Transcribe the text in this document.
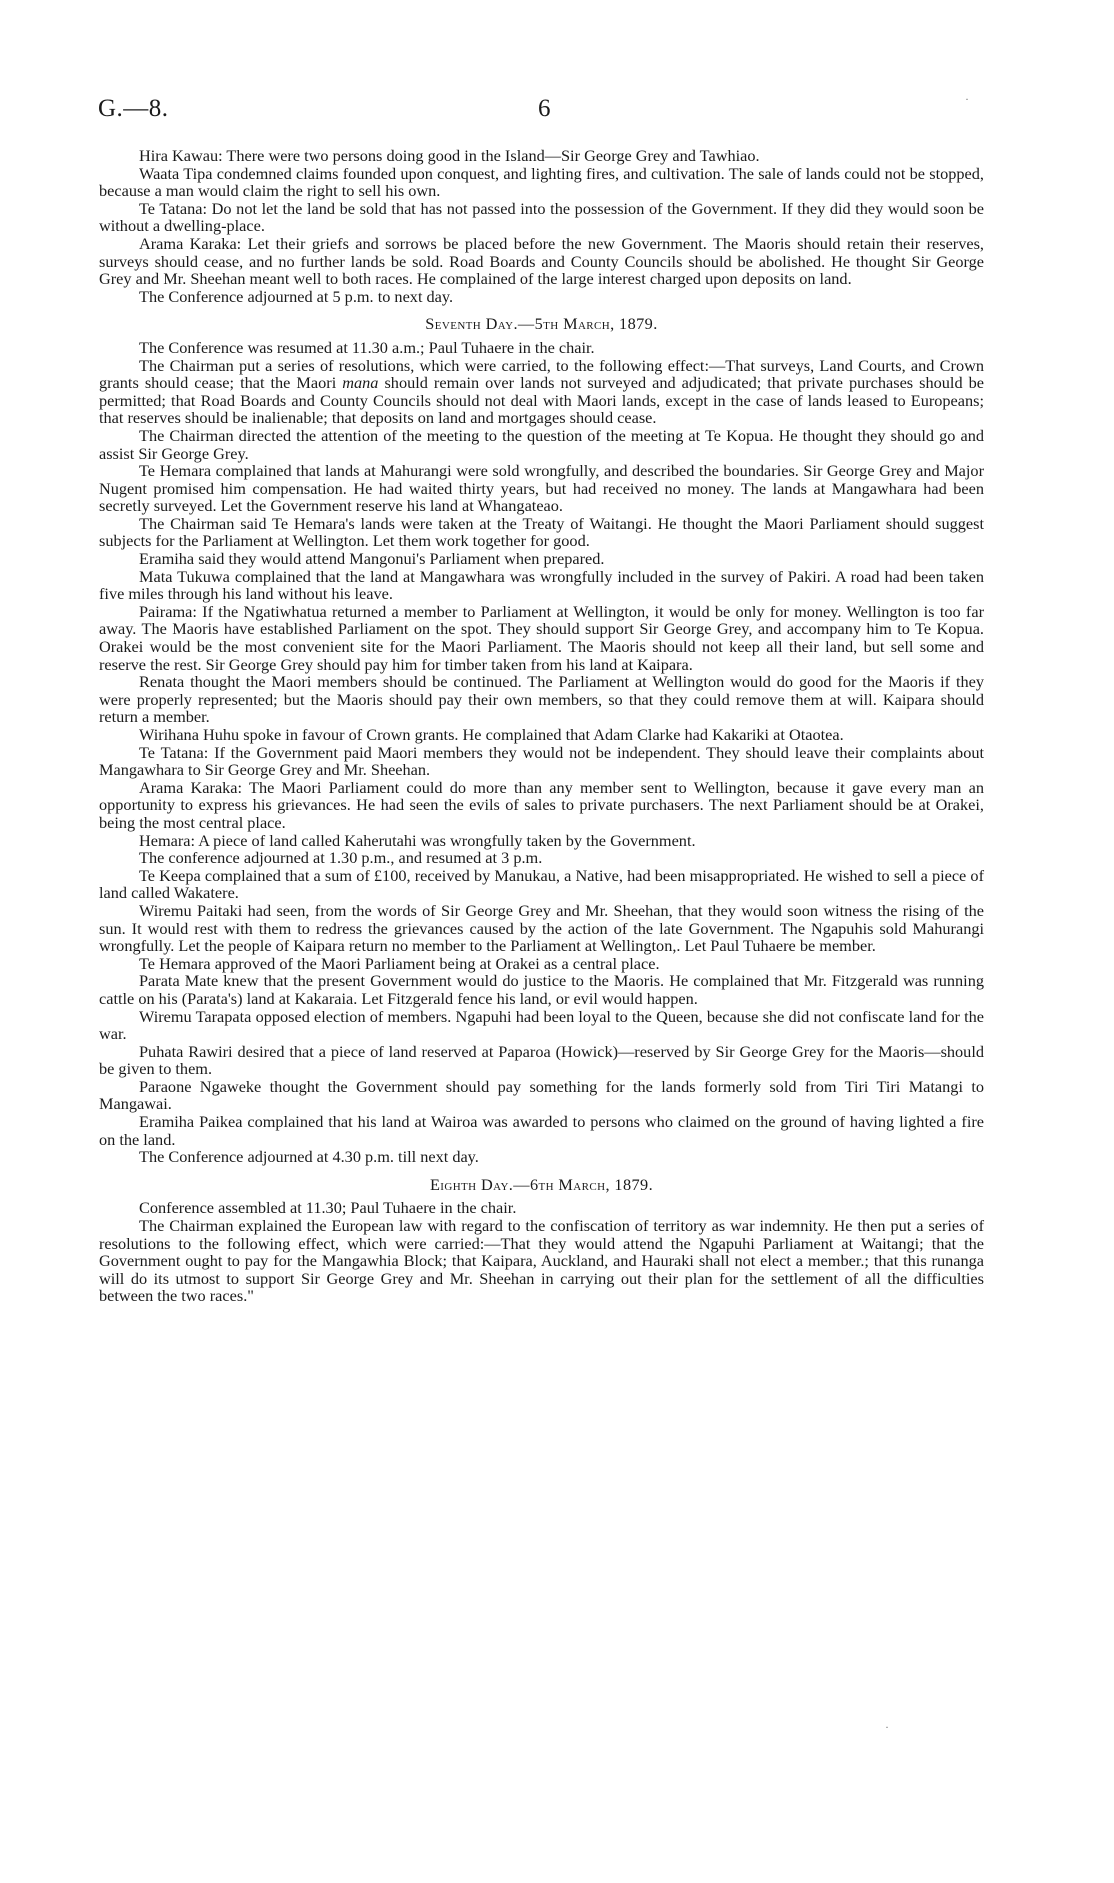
G.—8.	6	·
·

Hira Kawau: There were two persons doing good in the Island—Sir George Grey and Tawhiao.

Waata Tipa condemned claims founded upon conquest, and lighting fires, and cultivation. The sale of lands could not be stopped, because a man would claim the right to sell his own.

Te Tatana: Do not let the land be sold that has not passed into the possession of the Government. If they did they would soon be without a dwelling-place.

Arama Karaka: Let their griefs and sorrows be placed before the new Government. The Maoris should retain their reserves, surveys should cease, and no further lands be sold. Road Boards and County Councils should be abolished. He thought Sir George Grey and Mr. Sheehan meant well to both races. He complained of the large interest charged upon deposits on land.

The Conference adjourned at 5 p.m. to next day.

Seventh Day.—5th March, 1879.

The Conference was resumed at 11.30 a.m.; Paul Tuhaere in the chair.

The Chairman put a series of resolutions, which were carried, to the following effect:—That surveys, Land Courts, and Crown grants should cease; that the Maori mana should remain over lands not surveyed and adjudicated; that private purchases should be permitted; that Road Boards and County Councils should not deal with Maori lands, except in the case of lands leased to Europeans; that reserves should be inalienable; that deposits on land and mortgages should cease.

The Chairman directed the attention of the meeting to the question of the meeting at Te Kopua. He thought they should go and assist Sir George Grey.

Te Hemara complained that lands at Mahurangi were sold wrongfully, and described the boundaries. Sir George Grey and Major Nugent promised him compensation. He had waited thirty years, but had received no money. The lands at Mangawhara had been secretly surveyed. Let the Government reserve his land at Whangateao.

The Chairman said Te Hemara's lands were taken at the Treaty of Waitangi. He thought the Maori Parliament should suggest subjects for the Parliament at Wellington. Let them work together for good.

Eramiha said they would attend Mangonui's Parliament when prepared.

Mata Tukuwa complained that the land at Mangawhara was wrongfully included in the survey of Pakiri. A road had been taken five miles through his land without his leave.

Pairama: If the Ngatiwhatua returned a member to Parliament at Wellington, it would be only for money. Wellington is too far away. The Maoris have established Parliament on the spot. They should support Sir George Grey, and accompany him to Te Kopua. Orakei would be the most convenient site for the Maori Parliament. The Maoris should not keep all their land, but sell some and reserve the rest. Sir George Grey should pay him for timber taken from his land at Kaipara.

Renata thought the Maori members should be continued. The Parliament at Wellington would do good for the Maoris if they were properly represented; but the Maoris should pay their own members, so that they could remove them at will. Kaipara should return a member.

Wirihana Huhu spoke in favour of Crown grants. He complained that Adam Clarke had Kakariki at Otaotea.

Te Tatana: If the Government paid Maori members they would not be independent. They should leave their complaints about Mangawhara to Sir George Grey and Mr. Sheehan.

Arama Karaka: The Maori Parliament could do more than any member sent to Wellington, because it gave every man an opportunity to express his grievances. He had seen the evils of sales to private purchasers. The next Parliament should be at Orakei, being the most central place.

Hemara: A piece of land called Kaherutahi was wrongfully taken by the Government.

The conference adjourned at 1.30 p.m., and resumed at 3 p.m.

Te Keepa complained that a sum of £100, received by Manukau, a Native, had been misappropriated. He wished to sell a piece of land called Wakatere.

Wiremu Paitaki had seen, from the words of Sir George Grey and Mr. Sheehan, that they would soon witness the rising of the sun. It would rest with them to redress the grievances caused by the action of the late Government. The Ngapuhis sold Mahurangi wrongfully. Let the people of Kaipara return no member to the Parliament at Wellington,. Let Paul Tuhaere be member.

Te Hemara approved of the Maori Parliament being at Orakei as a central place.

Parata Mate knew that the present Government would do justice to the Maoris. He complained that Mr. Fitzgerald was running cattle on his (Parata's) land at Kakaraia. Let Fitzgerald fence his land, or evil would happen.

Wiremu Tarapata opposed election of members. Ngapuhi had been loyal to the Queen, because she did not confiscate land for the war.

Puhata Rawiri desired that a piece of land reserved at Paparoa (Howick)—reserved by Sir George Grey for the Maoris—should be given to them.

Paraone Ngaweke thought the Government should pay something for the lands formerly sold from Tiri Tiri Matangi to Mangawai.

Eramiha Paikea complained that his land at Wairoa was awarded to persons who claimed on the ground of having lighted a fire on the land.

The Conference adjourned at 4.30 p.m. till next day.

Eighth Day.—6th March, 1879.

Conference assembled at 11.30; Paul Tuhaere in the chair.

The Chairman explained the European law with regard to the confiscation of territory as war indemnity. He then put a series of resolutions to the following effect, which were carried:—That they would attend the Ngapuhi Parliament at Waitangi; that the Government ought to pay for the Mangawhia Block; that Kaipara, Auckland, and Hauraki shall not elect a member.; that this runanga will do its utmost to support Sir George Grey and Mr. Sheehan in carrying out their plan for the settlement of all the difficulties between the two races."
